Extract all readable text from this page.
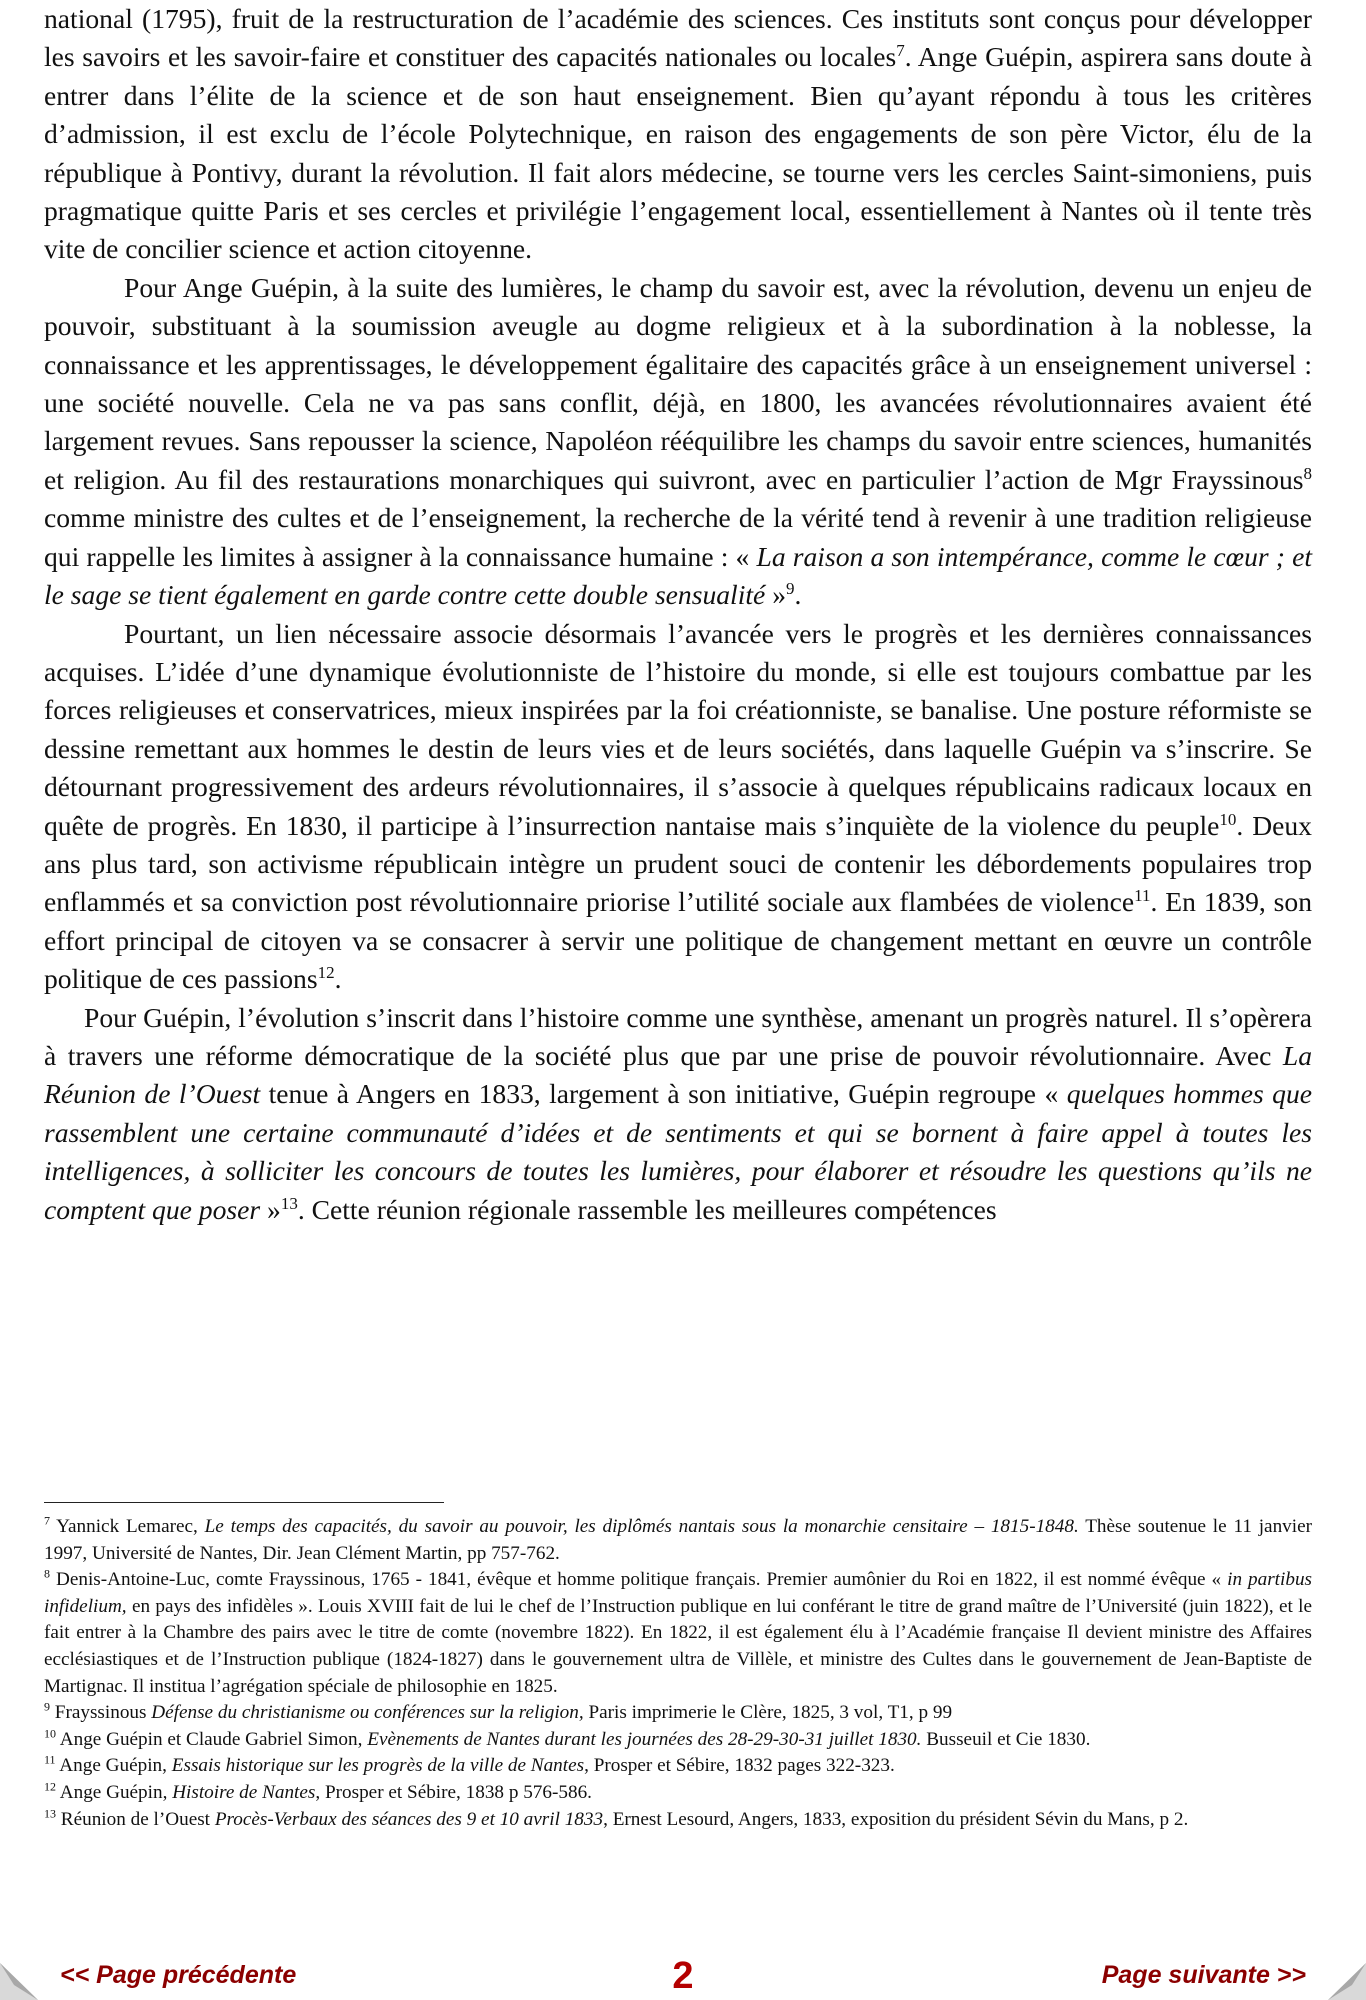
national (1795), fruit de la restructuration de l’académie des sciences. Ces instituts sont conçus pour développer les savoirs et les savoir-faire et constituer des capacités nationales ou locales$^7$. Ange Guépin, aspirera sans doute à entrer dans l’élite de la science et de son haut enseignement. Bien qu’ayant répondu à tous les critères d’admission, il est exclu de l’école Polytechnique, en raison des engagements de son père Victor, élu de la république à Pontivy, durant la révolution. Il fait alors médecine, se tourne vers les cercles Saint-simoniens, puis pragmatique quitte Paris et ses cercles et privilégie l’engagement local, essentiellement à Nantes où il tente très vite de concilier science et action citoyenne.

Pour Ange Guépin, à la suite des lumières, le champ du savoir est, avec la révolution, devenu un enjeu de pouvoir, substituant à la soumission aveugle au dogme religieux et à la subordination à la noblesse, la connaissance et les apprentissages, le développement égalitaire des capacités grâce à un enseignement universel : une société nouvelle. Cela ne va pas sans conflit, déjà, en 1800, les avancées révolutionnaires avaient été largement revues. Sans repousser la science, Napoléon rééquilibre les champs du savoir entre sciences, humanités et religion. Au fil des restaurations monarchiques qui suivront, avec en particulier l’action de Mgr Frayssinous$^8$ comme ministre des cultes et de l’enseignement, la recherche de la vérité tend à revenir à une tradition religieuse qui rappelle les limites à assigner à la connaissance humaine : « La raison a son intempérance, comme le cœur ; et le sage se tient également en garde contre cette double sensualité »$^9$.

Pourtant, un lien nécessaire associe désormais l’avancée vers le progrès et les dernières connaissances acquises. L’idée d’une dynamique évolutionniste de l’histoire du monde, si elle est toujours combattue par les forces religieuses et conservatrices, mieux inspirées par la foi créationniste, se banalise. Une posture réformiste se dessine remettant aux hommes le destin de leurs vies et de leurs sociétés, dans laquelle Guépin va s’inscrire. Se détournant progressivement des ardeurs révolutionnaires, il s’associe à quelques républicains radicaux locaux en quête de progrès. En 1830, il participe à l’insurrection nantaise mais s’inquiète de la violence du peuple$^{10}$. Deux ans plus tard, son activisme républicain intègre un prudent souci de contenir les débordements populaires trop enflammés et sa conviction post révolutionnaire priorise l’utilité sociale aux flambées de violence$^{11}$. En 1839, son effort principal de citoyen va se consacrer à servir une politique de changement mettant en œuvre un contrôle politique de ces passions$^{12}$.

Pour Guépin, l’évolution s’inscrit dans l’histoire comme une synthèse, amenant un progrès naturel. Il s’opèrera à travers une réforme démocratique de la société plus que par une prise de pouvoir révolutionnaire. Avec La Réunion de l’Ouest tenue à Angers en 1833, largement à son initiative, Guépin regroupe « quelques hommes que rassemblent une certaine communauté d’idées et de sentiments et qui se bornent à faire appel à toutes les intelligences, à solliciter les concours de toutes les lumières, pour élaborer et résoudre les questions qu’ils ne comptent que poser »$^{13}$. Cette réunion régionale rassemble les meilleures compétences

$^7$ Yannick Lemarec, Le temps des capacités, du savoir au pouvoir, les diplômés nantais sous la monarchie censitaire – 1815-1848. Thèse soutenue le 11 janvier 1997, Université de Nantes, Dir. Jean Clément Martin, pp 757-762.

$^8$ Denis-Antoine-Luc, comte Frayssinous, 1765 - 1841, évêque et homme politique français. Premier aumônier du Roi en 1822, il est nommé évêque « in partibus infidelium, en pays des infidèles ». Louis XVIII fait de lui le chef de l’Instruction publique en lui conférant le titre de grand maître de l’Université (juin 1822), et le fait entrer à la Chambre des pairs avec le titre de comte (novembre 1822). En 1822, il est également élu à l’Académie française Il devient ministre des Affaires ecclésiastiques et de l’Instruction publique (1824-1827) dans le gouvernement ultra de Villèle, et ministre des Cultes dans le gouvernement de Jean-Baptiste de Martignac. Il institua l’agrégation spéciale de philosophie en 1825.

$^9$ Frayssinous Défense du christianisme ou conférences sur la religion, Paris imprimerie le Clère, 1825, 3 vol, T1, p 99

$^{10}$ Ange Guépin et Claude Gabriel Simon, Evènements de Nantes durant les journées des 28-29-30-31 juillet 1830. Busseuil et Cie 1830.

$^{11}$ Ange Guépin, Essais historique sur les progrès de la ville de Nantes, Prosper et Sébire, 1832 pages 322-323.

$^{12}$ Ange Guépin, Histoire de Nantes, Prosper et Sébire, 1838 p 576-586.

$^{13}$ Réunion de l’Ouest Procès-Verbaux des séances des 9 et 10 avril 1833, Ernest Lesourd, Angers, 1833, exposition du président Sévin du Mans, p 2.

<< Page précédente	2	Page suivante >>
